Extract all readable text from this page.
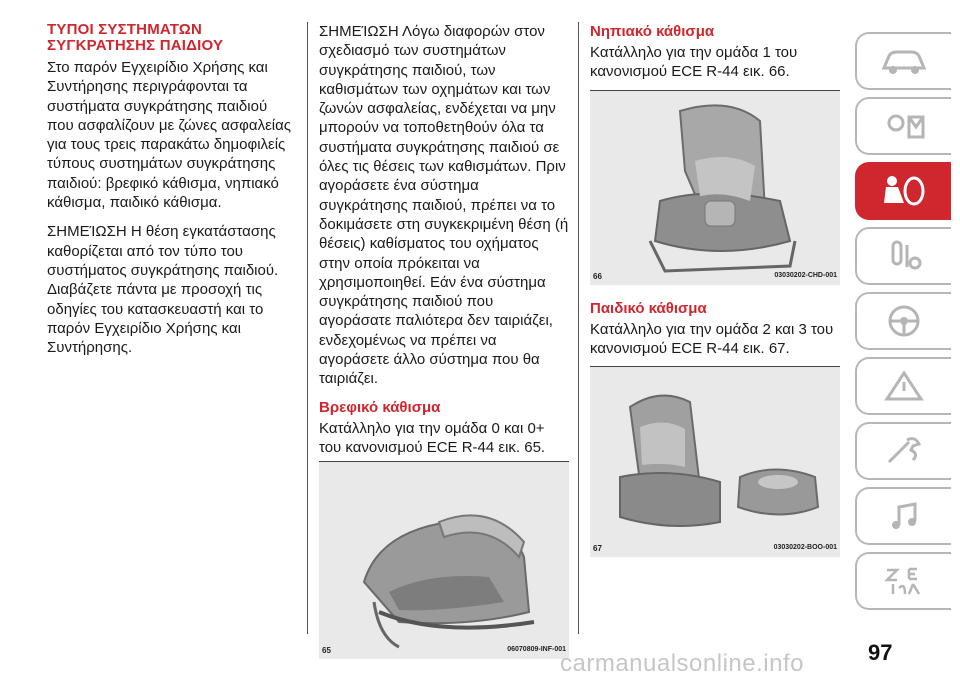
ΤΥΠΟΙ ΣΥΣΤΗΜΑΤΩΝ ΣΥΓΚΡΑΤΗΣΗΣ ΠΑΙΔΙΟΥ

Στο παρόν Εγχειρίδιο Χρήσης και Συντήρησης περιγράφονται τα συστήματα συγκράτησης παιδιού που ασφαλίζουν με ζώνες ασφαλείας για τους τρεις παρακάτω δημοφιλείς τύπους συστημάτων συγκράτησης παιδιού: βρεφικό κάθισμα, νηπιακό κάθισμα, παιδικό κάθισμα.

ΣΗΜΕΊΩΣΗ Η θέση εγκατάστασης καθορίζεται από τον τύπο του συστήματος συγκράτησης παιδιού. Διαβάζετε πάντα με προσοχή τις οδηγίες του κατασκευαστή και το παρόν Εγχειρίδιο Χρήσης και Συντήρησης.

ΣΗΜΕΊΩΣΗ Λόγω διαφορών στον σχεδιασμό των συστημάτων συγκράτησης παιδιού, των καθισμάτων των οχημάτων και των ζωνών ασφαλείας, ενδέχεται να μην μπορούν να τοποθετηθούν όλα τα συστήματα συγκράτησης παιδιού σε όλες τις θέσεις των καθισμάτων. Πριν αγοράσετε ένα σύστημα συγκράτησης παιδιού, πρέπει να το δοκιμάσετε στη συγκεκριμένη θέση (ή θέσεις) καθίσματος του οχήματος στην οποία πρόκειται να χρησιμοποιηθεί. Εάν ένα σύστημα συγκράτησης παιδιού που αγοράσατε παλιότερα δεν ταιριάζει, ενδεχομένως να πρέπει να αγοράσετε άλλο σύστημα που θα ταιριάζει.

Βρεφικό κάθισμα

Κατάλληλο για την ομάδα 0 και 0+ του κανονισμού ECE R-44 εικ. 65.

65	06070809-INF-001
Νηπιακό κάθισμα

Κατάλληλο για την ομάδα 1 του κανονισμού ECE R-44 εικ. 66.

66	03030202-CHD-001
Παιδικό κάθισμα

Κατάλληλο για την ομάδα 2 και 3 του κανονισμού ECE R-44 εικ. 67.

67	03030202-BOO-001
97
carmanualsonline.info
